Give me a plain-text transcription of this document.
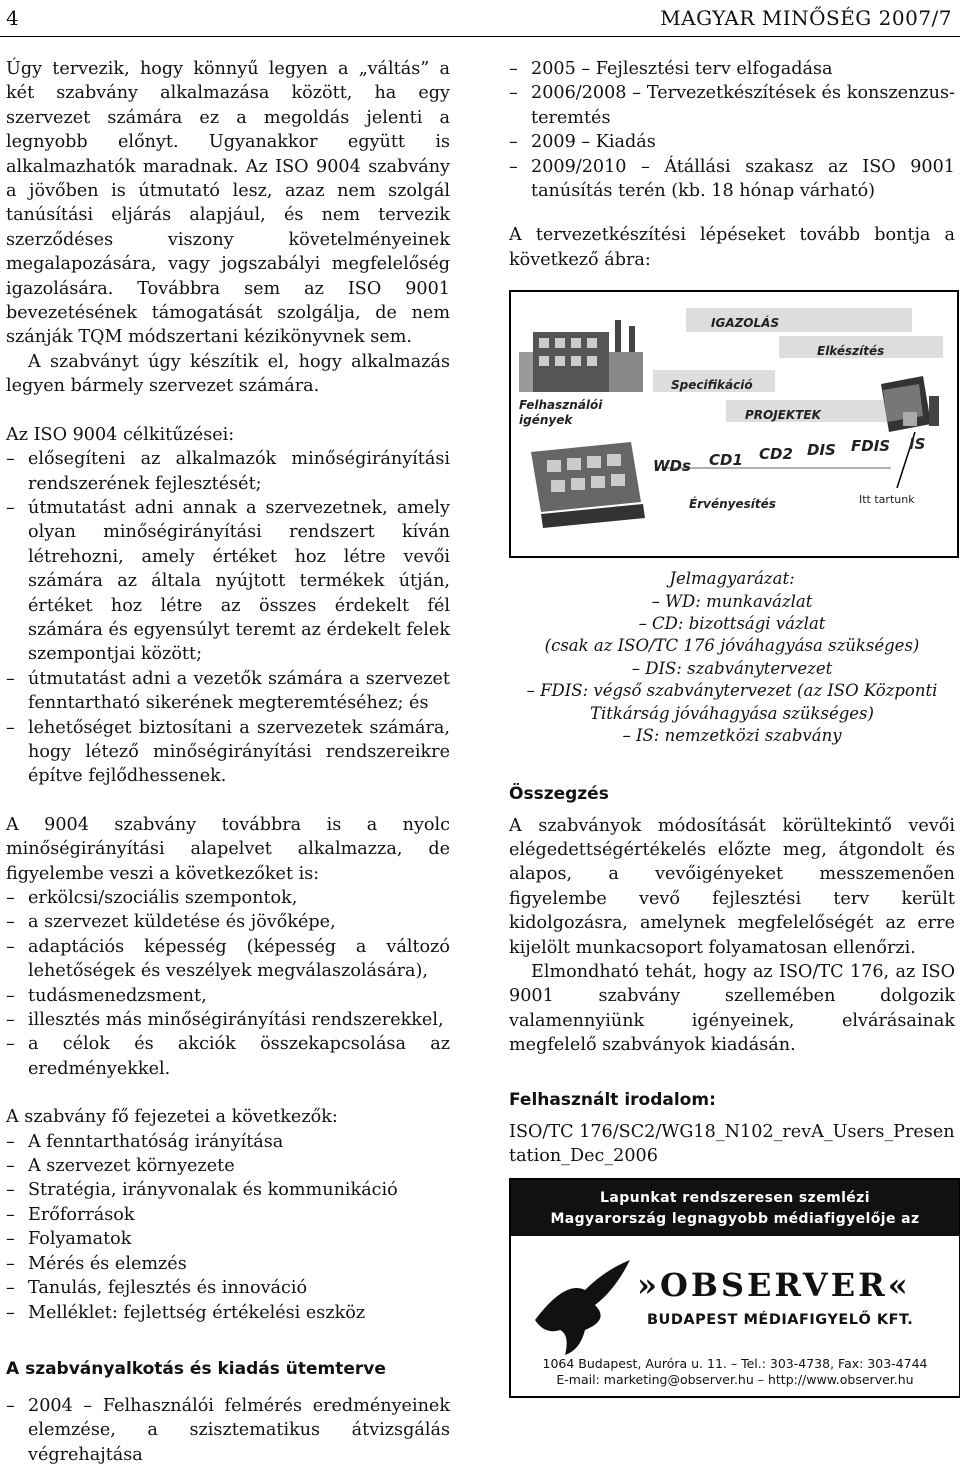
4	MAGYAR MINŐSÉG 2007/7

Úgy tervezik, hogy könnyű legyen a „váltás” a két szabvány alkalmazása között, ha egy szervezet számára ez a megoldás jelenti a legnyobb előnyt. Ugyanakkor együtt is alkalmazhatók maradnak. Az ISO 9004 szabvány a jövőben is útmutató lesz, azaz nem szolgál tanúsítási eljárás alapjául, és nem tervezik szerződéses viszony követelményeinek megalapozására, vagy jogszabályi megfelelőség igazolására. Továbbra sem az ISO 9001 bevezetésének támogatását szolgálja, de nem szánják TQM módszertani kézikönyvnek sem.

A szabványt úgy készítik el, hogy alkalmazás legyen bármely szervezet számára.

Az ISO 9004 célkitűzései:

– elősegíteni az alkalmazók minőségirányítási rendszerének fejlesztését;
– útmutatást adni annak a szervezetnek, amely olyan minőségirányítási rendszert kíván létrehozni, amely értéket hoz létre vevői számára az általa nyújtott termékek útján, értéket hoz létre az összes érdekelt fél számára és egyensúlyt teremt az érdekelt felek szempontjai között;
– útmutatást adni a vezetők számára a szervezet fenntartható sikerének megteremtéséhez; és
– lehetőséget biztosítani a szervezetek számára, hogy létező minőségirányítási rendszereikre építve fejlődhessenek.

A 9004 szabvány továbbra is a nyolc minőségirányítási alapelvet alkalmazza, de figyelembe veszi a következőket is:

– erkölcsi/szociális szempontok,
– a szervezet küldetése és jövőképe,
– adaptációs képesség (képesség a változó lehetőségek és veszélyek megválaszolására),
– tudásmenedzsment,
– illesztés más minőségirányítási rendszerekkel,
– a célok és akciók összekapcsolása az eredményekkel.

A szabvány fő fejezetei a következők:

– A fenntarthatóság irányítása
– A szervezet környezete
– Stratégia, irányvonalak és kommunikáció
– Erőforrások
– Folyamatok
– Mérés és elemzés
– Tanulás, fejlesztés és innováció
– Melléklet: fejlettség értékelési eszköz
A szabványalkotás és kiadás ütemterve
– 2004 – Felhasználói felmérés eredményeinek elemzése, a szisztematikus átvizsgálás végrehajtása
– 2005 – Fejlesztési terv elfogadása
– 2006/2008 – Tervezetkészítések és konszenzus-teremtés
– 2009 – Kiadás
– 2009/2010 – Átállási szakasz az ISO 9001 tanúsítás terén (kb. 18 hónap várható)

A tervezetkészítési lépéseket tovább bontja a következő ábra:

IGAZOLÁS
Elkészítés
Specifikáció
Felhasználói igények	PROJEKTEK
WDs CD1 CD2 DIS FDIS IS
Érvényesítés	Itt tartunk
Jelmagyarázat:
– WD: munkavázlat
– CD: bizottsági vázlat
(csak az ISO/TC 176 jóváhagyása szükséges)
– DIS: szabványtervezet
– FDIS: végső szabványtervezet (az ISO Központi
Titkárság jóváhagyása szükséges)
– IS: nemzetközi szabvány
Összegzés

A szabványok módosítását körültekintő vevői elégedettségértékelés előzte meg, átgondolt és alapos, a vevőigényeket messzemenően figyelembe vevő fejlesztési terv került kidolgozásra, amelynek megfelelőségét az erre kijelölt munkacsoport folyamatosan ellenőrzi.

Elmondható tehát, hogy az ISO/TC 176, az ISO 9001 szabvány szellemében dolgozik valamennyiünk igényeinek, elvárásainak megfelelő szabványok kiadásán.

Felhasznált irodalom:

ISO/TC 176/SC2/WG18_N102_revA_Users_Presentation_Dec_2006

Lapunkat rendszeresen szemlézi
Magyarország legnagyobb médiafigyelője az
»OBSERVER«
BUDAPEST MÉDIAFIGYELŐ KFT.
1064 Budapest, Auróra u. 11. – Tel.: 303-4738, Fax: 303-4744
E-mail: marketing@observer.hu – http://www.observer.hu
